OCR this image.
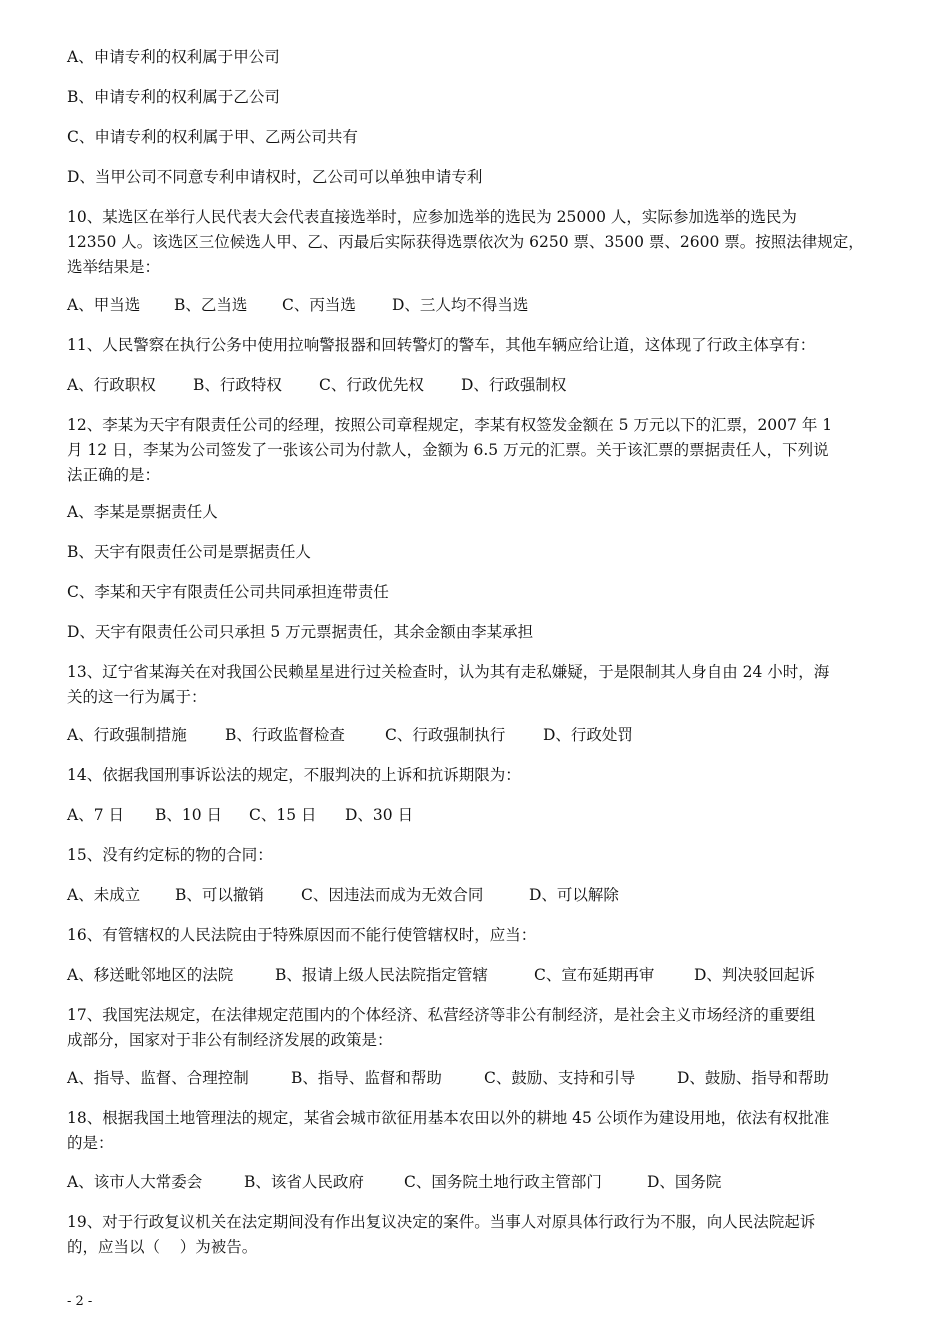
A、申请专利的权利属于甲公司
B、申请专利的权利属于乙公司
C、申请专利的权利属于甲、乙两公司共有
D、当甲公司不同意专利申请权时，乙公司可以单独申请专利
10、某选区在举行人民代表大会代表直接选举时，应参加选举的选民为 25000 人，实际参加选举的选民为
12350 人。该选区三位候选人甲、乙、丙最后实际获得选票依次为 6250 票、3500 票、2600 票。按照法律规定，
选举结果是：
A、甲当选 B、乙当选 C、丙当选 D、三人均不得当选
11、人民警察在执行公务中使用拉响警报器和回转警灯的警车，其他车辆应给让道，这体现了行政主体享有：
A、行政职权 B、行政特权 C、行政优先权 D、行政强制权
12、李某为天宇有限责任公司的经理，按照公司章程规定，李某有权签发金额在 5 万元以下的汇票，2007 年 1
月 12 日，李某为公司签发了一张该公司为付款人，金额为 6.5 万元的汇票。关于该汇票的票据责任人，下列说
法正确的是：
A、李某是票据责任人
B、天宇有限责任公司是票据责任人
C、李某和天宇有限责任公司共同承担连带责任
D、天宇有限责任公司只承担 5 万元票据责任，其余金额由李某承担
13、辽宁省某海关在对我国公民赖星星进行过关检查时，认为其有走私嫌疑，于是限制其人身自由 24 小时，海
关的这一行为属于：
A、行政强制措施 B、行政监督检查	C、行政强制执行 D、行政处罚
14、依据我国刑事诉讼法的规定，不服判决的上诉和抗诉期限为：
A、7 日 B、10 日 C、15 日 D、30 日
15、没有约定标的物的合同：
A、未成立 B、可以撤销 C、因违法而成为无效合同	D、可以解除
16、有管辖权的人民法院由于特殊原因而不能行使管辖权时，应当：
A、移送毗邻地区的法院	B、报请上级人民法院指定管辖	C、宣布延期再审	D、判决驳回起诉
17、我国宪法规定，在法律规定范围内的个体经济、私营经济等非公有制经济，是社会主义市场经济的重要组
成部分，国家对于非公有制经济发展的政策是：
A、指导、监督、合理控制	B、指导、监督和帮助	C、鼓励、支持和引导	D、鼓励、指导和帮助
18、根据我国土地管理法的规定，某省会城市欲征用基本农田以外的耕地 45 公顷作为建设用地，依法有权批准
的是：
A、该市人大常委会	B、该省人民政府	C、国务院土地行政主管部门	D、国务院
19、对于行政复议机关在法定期间没有作出复议决定的案件。当事人对原具体行政行为不服，向人民法院起诉
的，应当以（    ）为被告。
- 2 -
